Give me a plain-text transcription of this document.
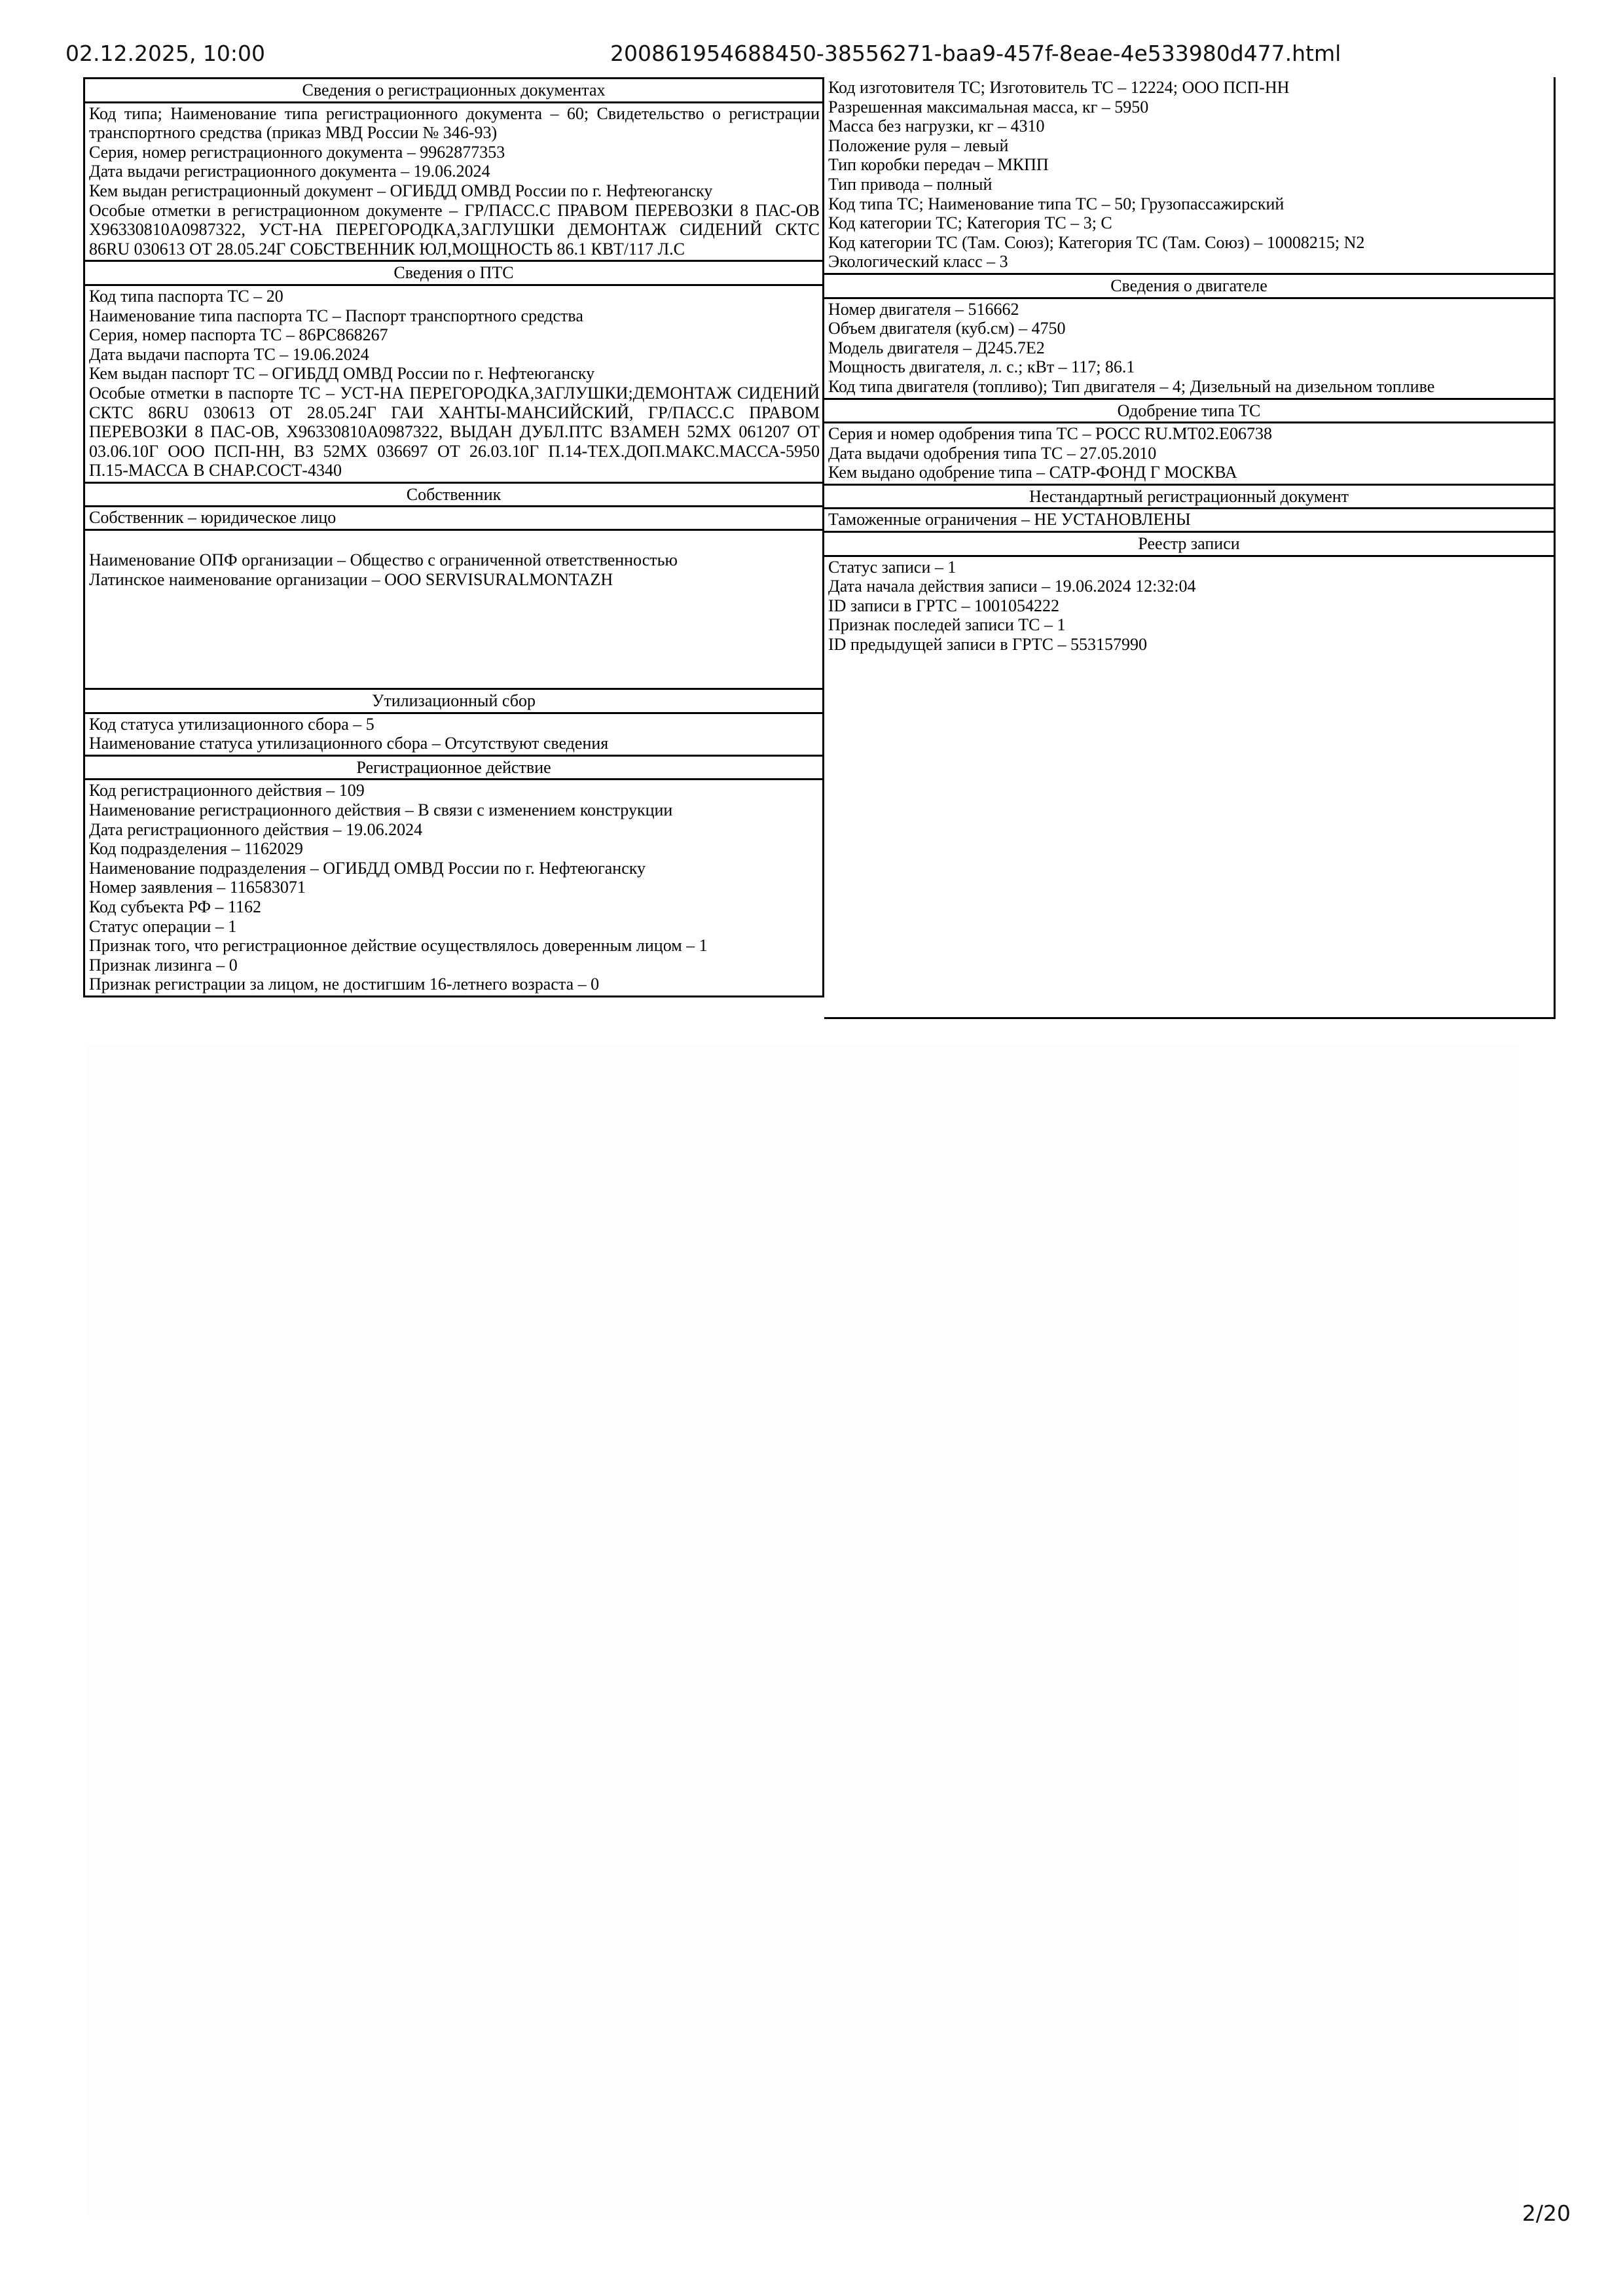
02.12.2025, 10:00	200861954688450-38556271-baa9-457f-8eae-4e533980d477.html
Сведения о регистрационных документах
Код типа; Наименование типа регистрационного документа – 60; Свидетельство о регистрации транспортного средства (приказ МВД России № 346-93)
Серия, номер регистрационного документа – 9962877353
Дата выдачи регистрационного документа – 19.06.2024
Кем выдан регистрационный документ – ОГИБДД ОМВД России по г. Нефтеюганску
Особые отметки в регистрационном документе – ГР/ПАСС.С ПРАВОМ ПЕРЕВОЗКИ 8 ПАС-ОВ X96330810A0987322, УСТ-НА ПЕРЕГОРОДКА,ЗАГЛУШКИ ДЕМОНТАЖ СИДЕНИЙ СКТС 86RU 030613 ОТ 28.05.24Г СОБСТВЕННИК ЮЛ,МОЩНОСТЬ 86.1 КВТ/117 Л.С
Сведения о ПТС
Код типа паспорта ТС – 20
Наименование типа паспорта ТС – Паспорт транспортного средства
Серия, номер паспорта ТС – 86РС868267
Дата выдачи паспорта ТС – 19.06.2024
Кем выдан паспорт ТС – ОГИБДД ОМВД России по г. Нефтеюганску
Особые отметки в паспорте ТС – УСТ-НА ПЕРЕГОРОДКА,ЗАГЛУШКИ;ДЕМОНТАЖ СИДЕНИЙ СКТС 86RU 030613 ОТ 28.05.24Г ГАИ ХАНТЫ-МАНСИЙСКИЙ, ГР/ПАСС.С ПРАВОМ ПЕРЕВОЗКИ 8 ПАС-ОВ, X96330810A0987322, ВЫДАН ДУБЛ.ПТС ВЗАМЕН 52МХ 061207 ОТ 03.06.10Г ООО ПСП-НН, ВЗ 52МХ 036697 ОТ 26.03.10Г П.14-ТЕХ.ДОП.МАКС.МАССА-5950 П.15-МАССА В СНАР.СОСТ-4340
Собственник
Собственник – юридическое лицо
Наименование ОПФ организации – Общество с ограниченной ответственностью
Латинское наименование организации – ООО SERVISURALMONTAZH
Утилизационный сбор
Код статуса утилизационного сбора – 5
Наименование статуса утилизационного сбора – Отсутствуют сведения
Регистрационное действие
Код регистрационного действия – 109
Наименование регистрационного действия – В связи с изменением конструкции
Дата регистрационного действия – 19.06.2024
Код подразделения – 1162029
Наименование подразделения – ОГИБДД ОМВД России по г. Нефтеюганску
Номер заявления – 116583071
Код субъекта РФ – 1162
Статус операции – 1
Признак того, что регистрационное действие осуществлялось доверенным лицом – 1
Признак лизинга – 0
Признак регистрации за лицом, не достигшим 16-летнего возраста – 0
Код изготовителя ТС; Изготовитель ТС – 12224; ООО ПСП-НН
Разрешенная максимальная масса, кг – 5950
Масса без нагрузки, кг – 4310
Положение руля – левый
Тип коробки передач – МКПП
Тип привода – полный
Код типа ТС; Наименование типа ТС – 50; Грузопассажирский
Код категории ТС; Категория ТС – 3; С
Код категории ТС (Там. Союз); Категория ТС (Там. Союз) – 10008215; N2
Экологический класс – 3
Сведения о двигателе
Номер двигателя – 516662
Объем двигателя (куб.см) – 4750
Модель двигателя – Д245.7Е2
Мощность двигателя, л. с.; кВт – 117; 86.1
Код типа двигателя (топливо); Тип двигателя – 4; Дизельный на дизельном топливе
Одобрение типа ТС
Серия и номер одобрения типа ТС – РОСС RU.МТ02.Е06738
Дата выдачи одобрения типа ТС – 27.05.2010
Кем выдано одобрение типа – САТР-ФОНД Г МОСКВА
Нестандартный регистрационный документ
Таможенные ограничения – НЕ УСТАНОВЛЕНЫ
Реестр записи
Статус записи – 1
Дата начала действия записи – 19.06.2024 12:32:04
ID записи в ГРТС – 1001054222
Признак последей записи ТС – 1
ID предыдущей записи в ГРТС – 553157990
2/20
